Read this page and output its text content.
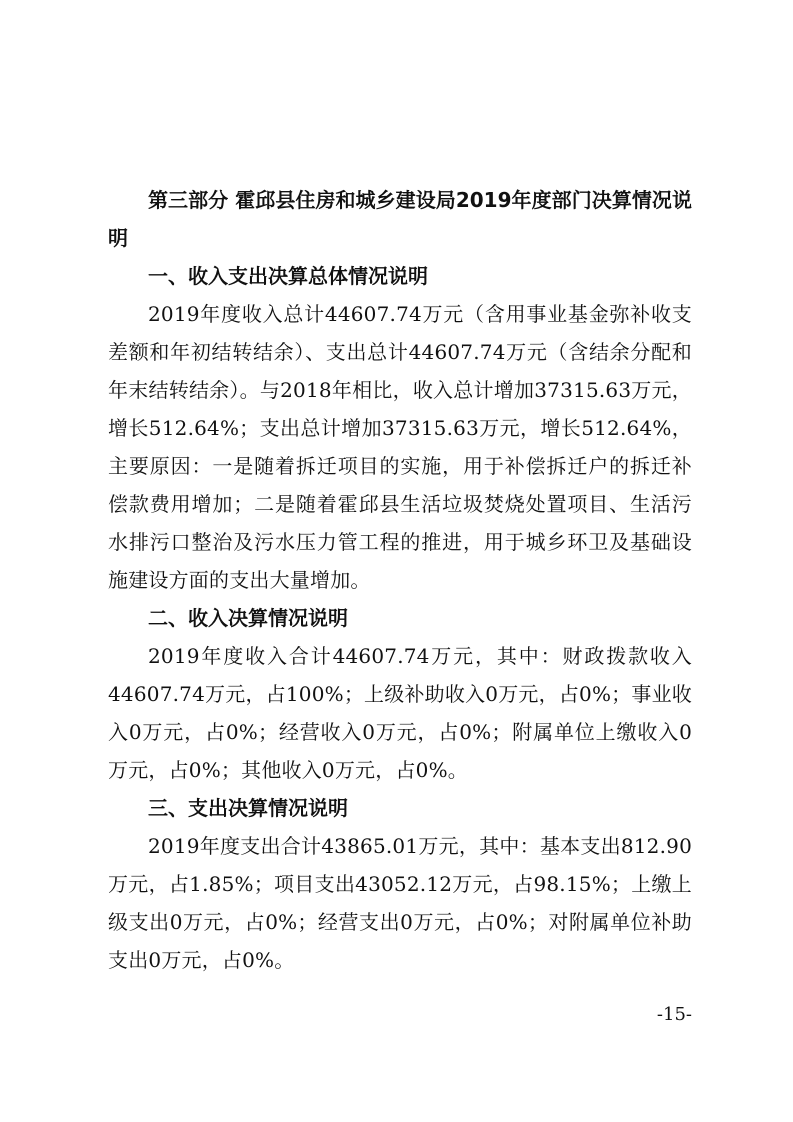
第三部分 霍邱县住房和城乡建设局2019年度部门决算情况说明

一、收入支出决算总体情况说明

2019年度收入总计44607.74万元（含用事业基金弥补收支差额和年初结转结余）、支出总计44607.74万元（含结余分配和年末结转结余）。与2018年相比，收入总计增加37315.63万元，增长512.64%；支出总计增加37315.63万元，增长512.64%，主要原因：一是随着拆迁项目的实施，用于补偿拆迁户的拆迁补偿款费用增加；二是随着霍邱县生活垃圾焚烧处置项目、生活污水排污口整治及污水压力管工程的推进，用于城乡环卫及基础设施建设方面的支出大量增加。

二、收入决算情况说明

2019年度收入合计44607.74万元，其中：财政拨款收入44607.74万元，占100%；上级补助收入0万元，占0%；事业收入0万元，占0%；经营收入0万元，占0%；附属单位上缴收入0万元，占0%；其他收入0万元，占0%。

三、支出决算情况说明

2019年度支出合计43865.01万元，其中：基本支出812.90万元，占1.85%；项目支出43052.12万元，占98.15%；上缴上级支出0万元，占0%；经营支出0万元，占0%；对附属单位补助支出0万元，占0%。

-15-
